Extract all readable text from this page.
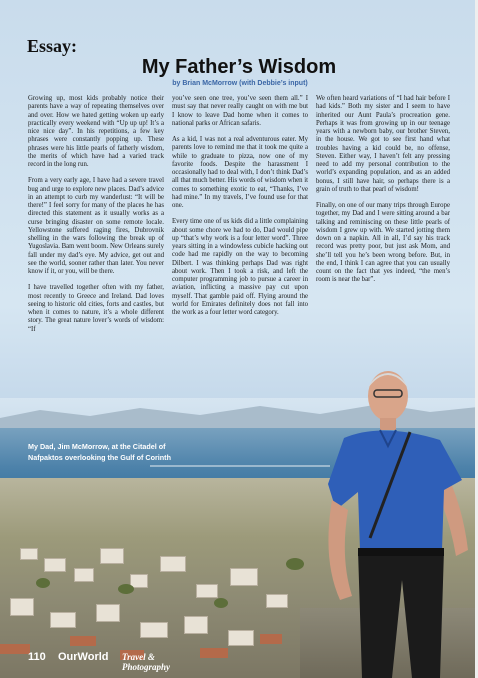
Essay:
My Father’s Wisdom
by Brian McMorrow (with Debbie’s input)

Growing up, most kids probably notice their parents have a way of repeating themselves over and over. How we hated getting woken up early practically every weekend with “Up up up! It’s a nice nice day”. In his repetitions, a few key phrases were constantly popping up. These phrases were his little pearls of fatherly wisdom, the merits of which have had a varied track record in the long run.

From a very early age, I have had a severe travel bug and urge to explore new places. Dad’s advice in an attempt to curb my wanderlust: “It will be there!” I feel sorry for many of the places he has directed this statement as it usually works as a curse bringing disaster on some remote locale. Yellowstone suffered raging fires, Dubrovnik shelling in the wars following the break up of Yugoslavia. Bam went boom. New Orleans surely fall under my dad’s eye. My advice, get out and see the world, sooner rather than later. You never know if it, or you, will be there.

I have travelled together often with my father, most recently to Greece and Ireland. Dad loves seeing to historic old cities, forts and castles, but when it comes to nature, it’s a whole different story. The great nature lover’s words of wisdom: “If

you’ve seen one tree, you’ve seen them all.” I must say that never really caught on with me but I know to leave Dad home when it comes to national parks or African safaris.

As a kid, I was not a real adventurous eater. My parents love to remind me that it took me quite a while to graduate to pizza, now one of my favorite foods. Despite the harassment I occasionally had to deal with, I don’t think Dad’s all that much better. His words of wisdom when it comes to something exotic to eat, “Thanks, I’ve had mine.” In my travels, I’ve found use for that one.

Every time one of us kids did a little complaining about some chore we had to do, Dad would pipe up “that’s why work is a four letter word”. Three years sitting in a windowless cubicle hacking out code had me rapidly on the way to becoming Dilbert. I was thinking perhaps Dad was right about work. Then I took a risk, and left the computer programming job to pursue a career in aviation, inflicting a massive pay cut upon myself. That gamble paid off. Flying around the world for Emirates definitely does not fall into the work as a four letter word category.

We often heard variations of “I had hair before I had kids.” Both my sister and I seem to have inherited our Aunt Paula’s procreation gene. Perhaps it was from growing up in our teenage years with a newborn baby, our brother Steven, in the house. We got to see first hand what troubles having a kid could be, no offense, Steven. Either way, I haven’t felt any pressing need to add my personal contribution to the world’s expanding population, and as an added bonus, I still have hair, so perhaps there is a grain of truth to that pearl of wisdom!

Finally, on one of our many trips through Europe together, my Dad and I were sitting around a bar talking and reminiscing on these little pearls of wisdom I grew up with. We started jotting them down on a napkin. All in all, I’d say his track record was pretty poor, but just ask Mom, and she’ll tell you he’s been wrong before. But, in the end, I think I can agree that you can usually count on the fact that yes indeed, “the men’s room is near the bar”.

My Dad, Jim McMorrow, at the Citadel of
Nafpaktos overlooking the Gulf of Corinth
110 OurWorld Travel & Photography
